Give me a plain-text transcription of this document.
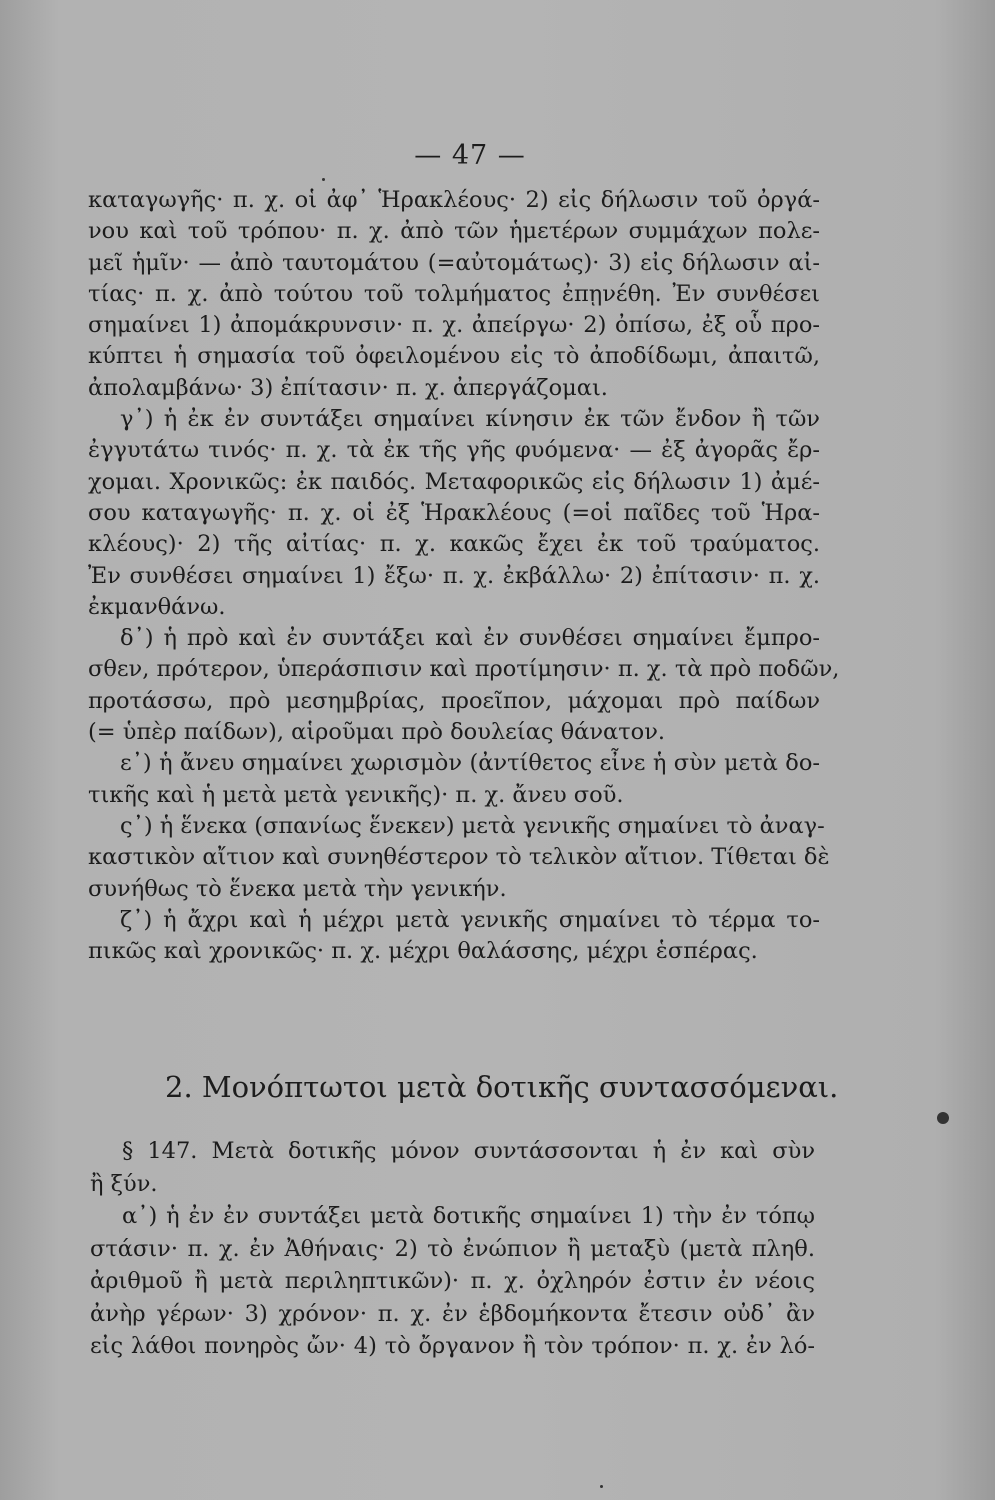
— 47 —
καταγωγῆς· π. χ. οἱ ἀφ᾿ Ἡρακλέους· 2) εἰς δήλωσιν τοῦ ὀργά-
νου καὶ τοῦ τρόπου· π. χ. ἀπὸ τῶν ἡμετέρων συμμάχων πολε-
μεῖ ἡμῖν· — ἀπὸ ταυτομάτου (=αὐτομάτως)· 3) εἰς δήλωσιν αἰ-
τίας· π. χ. ἀπὸ τούτου τοῦ τολμήματος ἐπῃνέθη. Ἐν συνθέσει
σημαίνει 1) ἀπομάκρυνσιν· π. χ. ἀπείργω· 2) ὀπίσω, ἐξ οὗ προ-
κύπτει ἡ σημασία τοῦ ὀφειλομένου εἰς τὸ ἀποδίδωμι, ἀπαιτῶ,
ἀπολαμβάνω· 3) ἐπίτασιν· π. χ. ἀπεργάζομαι.
γ᾽) ἡ ἐκ ἐν συντάξει σημαίνει κίνησιν ἐκ τῶν ἔνδον ἢ τῶν
ἐγγυτάτω τινός· π. χ. τὰ ἐκ τῆς γῆς φυόμενα· — ἐξ ἀγορᾶς ἔρ-
χομαι. Χρονικῶς: ἐκ παιδός. Μεταφορικῶς εἰς δήλωσιν 1) ἀμέ-
σου καταγωγῆς· π. χ. οἱ ἐξ Ἡρακλέους (=οἱ παῖδες τοῦ Ἡρα-
κλέους)· 2) τῆς αἰτίας· π. χ. κακῶς ἔχει ἐκ τοῦ τραύματος.
Ἐν συνθέσει σημαίνει 1) ἔξω· π. χ. ἐκβάλλω· 2) ἐπίτασιν· π. χ.
ἐκμανθάνω.
δ᾽) ἡ πρὸ καὶ ἐν συντάξει καὶ ἐν συνθέσει σημαίνει ἔμπρο-
σθεν, πρότερον, ὑπεράσπισιν καὶ προτίμησιν· π. χ. τὰ πρὸ ποδῶν,
προτάσσω, πρὸ μεσημβρίας, προεῖπον, μάχομαι πρὸ παίδων
(= ὑπὲρ παίδων), αἱροῦμαι πρὸ δουλείας θάνατον.
ε᾽) ἡ ἄνευ σημαίνει χωρισμὸν (ἀντίθετος εἶνε ἡ σὺν μετὰ δο-
τικῆς καὶ ἡ μετὰ μετὰ γενικῆς)· π. χ. ἄνευ σοῦ.
ς᾽) ἡ ἕνεκα (σπανίως ἕνεκεν) μετὰ γενικῆς σημαίνει τὸ ἀναγ-
καστικὸν αἴτιον καὶ συνηθέστερον τὸ τελικὸν αἴτιον. Τίθεται δὲ
συνήθως τὸ ἕνεκα μετὰ τὴν γενικήν.
ζ᾽) ἡ ἄχρι καὶ ἡ μέχρι μετὰ γενικῆς σημαίνει τὸ τέρμα το-
πικῶς καὶ χρονικῶς· π. χ. μέχρι θαλάσσης, μέχρι ἑσπέρας.
2. Μονόπτωτοι μετὰ δοτικῆς συντασσόμεναι.
§ 147. Μετὰ δοτικῆς μόνον συντάσσονται ἡ ἐν καὶ σὺν
ἢ ξύν.
α᾽) ἡ ἐν ἐν συντάξει μετὰ δοτικῆς σημαίνει 1) τὴν ἐν τόπῳ
στάσιν· π. χ. ἐν Ἀθήναις· 2) τὸ ἐνώπιον ἢ μεταξὺ (μετὰ πληθ.
ἀριθμοῦ ἢ μετὰ περιληπτικῶν)· π. χ. ὀχληρόν ἐστιν ἐν νέοις
ἀνὴρ γέρων· 3) χρόνον· π. χ. ἐν ἑβδομήκοντα ἔτεσιν οὐδ᾽ ἂν
εἰς λάθοι πονηρὸς ὤν· 4) τὸ ὄργανον ἢ τὸν τρόπον· π. χ. ἐν λό-
